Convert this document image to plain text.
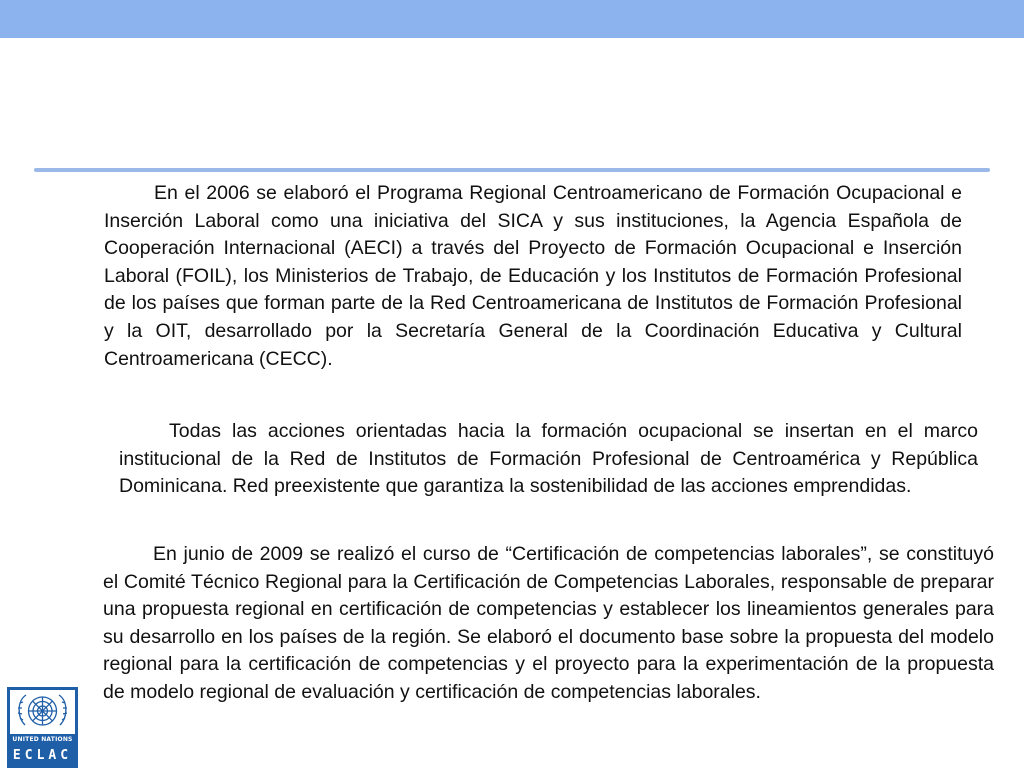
En el 2006 se elaboró el Programa Regional Centroamericano de Formación Ocupacional e Inserción Laboral como una iniciativa del SICA y sus instituciones, la Agencia Española de Cooperación Internacional (AECI) a través del Proyecto de Formación Ocupacional e Inserción Laboral (FOIL), los Ministerios de Trabajo, de Educación y los Institutos de Formación Profesional de los países que forman parte de la Red Centroamericana de Institutos de Formación Profesional y la OIT, desarrollado por la Secretaría General de la Coordinación Educativa y Cultural Centroamericana (CECC).

Todas las acciones orientadas hacia la formación ocupacional se insertan en el marco institucional de la Red de Institutos de Formación Profesional de Centroamérica y República Dominicana. Red preexistente que garantiza la sostenibilidad de las acciones emprendidas.

En junio de 2009 se realizó el curso de “Certificación de competencias laborales”, se constituyó el Comité Técnico Regional para la Certificación de Competencias Laborales, responsable de preparar una propuesta regional en certificación de competencias y establecer los lineamientos generales para su desarrollo en los países de la región. Se elaboró el documento base sobre la propuesta del modelo regional para la certificación de competencias y el proyecto para la experimentación de la propuesta de modelo regional de evaluación y certificación de competencias laborales.

UNITED NATIONS
ECLAC
